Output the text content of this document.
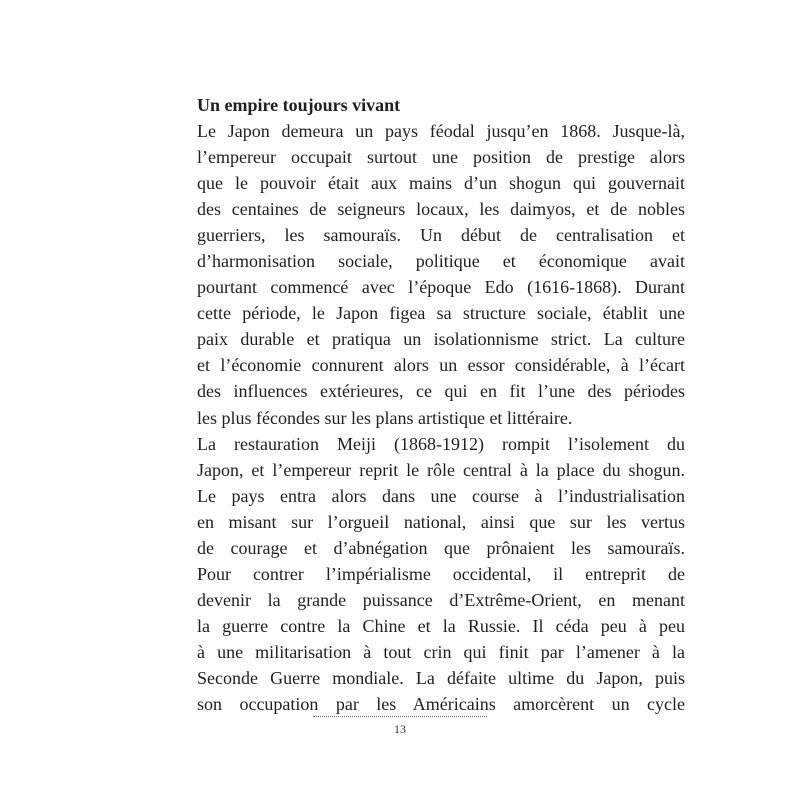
Un empire toujours vivant
Le Japon demeura un pays féodal jusqu’en 1868. Jusque-là,
l’empereur occupait surtout une position de prestige alors
que le pouvoir était aux mains d’un shogun qui gouvernait
des centaines de seigneurs locaux, les daimyos, et de nobles
guerriers, les samouraïs. Un début de centralisation et
d’harmonisation sociale, politique et économique avait
pourtant commencé avec l’époque Edo (1616-1868). Durant
cette période, le Japon figea sa structure sociale, établit une
paix durable et pratiqua un isolationnisme strict. La culture
et l’économie connurent alors un essor considérable, à l’écart
des influences extérieures, ce qui en fit l’une des périodes
les plus fécondes sur les plans artistique et littéraire.
La restauration Meiji (1868-1912) rompit l’isolement du
Japon, et l’empereur reprit le rôle central à la place du shogun.
Le pays entra alors dans une course à l’industrialisation
en misant sur l’orgueil national, ainsi que sur les vertus
de courage et d’abnégation que prônaient les samouraïs.
Pour contrer l’impérialisme occidental, il entreprit de
devenir la grande puissance d’Extrême-Orient, en menant
la guerre contre la Chine et la Russie. Il céda peu à peu
à une militarisation à tout crin qui finit par l’amener à la
Seconde Guerre mondiale. La défaite ultime du Japon, puis
son occupation par les Américains amorcèrent un cycle
13
